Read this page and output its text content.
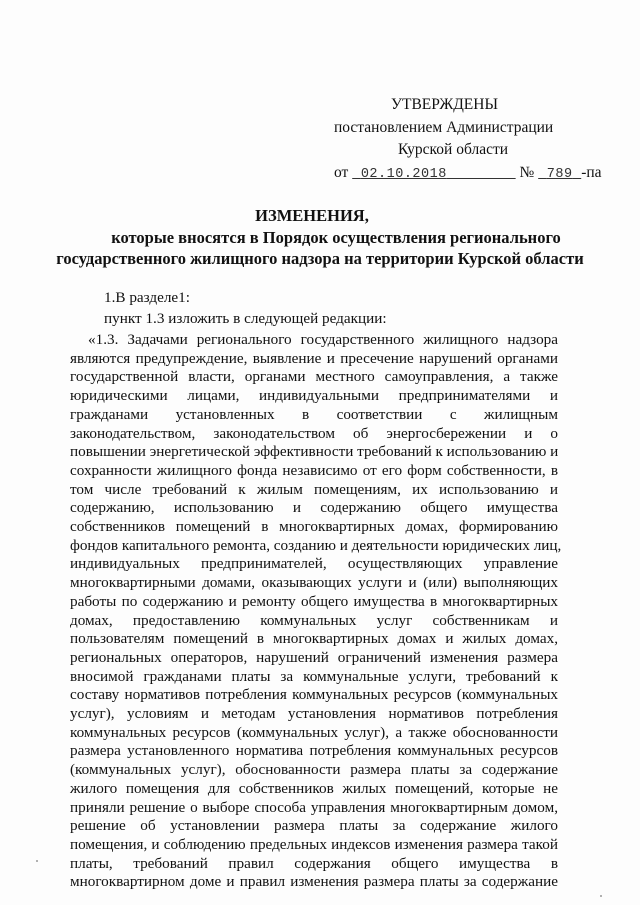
УТВЕРЖДЕНЫ
постановлением Администрации
Курской области
от 02.10.2018	№ 789 -па
ИЗМЕНЕНИЯ,
которые вносятся в Порядок осуществления регионального
государственного жилищного надзора на территории Курской области
1.В разделе1:
пункт 1.3 изложить в следующей редакции:
«1.3. Задачами регионального государственного жилищного надзора
являются предупреждение, выявление и пресечение нарушений органами
государственной власти, органами местного самоуправления, а также
юридическими лицами, индивидуальными предпринимателями и
гражданами установленных в соответствии с жилищным
законодательством, законодательством об энергосбережении и о
повышении энергетической эффективности требований к использованию и
сохранности жилищного фонда независимо от его форм собственности, в
том числе требований к жилым помещениям, их использованию и
содержанию, использованию и содержанию общего имущества
собственников помещений в многоквартирных домах, формированию
фондов капитального ремонта, созданию и деятельности юридических лиц,
индивидуальных предпринимателей, осуществляющих управление
многоквартирными домами, оказывающих услуги и (или) выполняющих
работы по содержанию и ремонту общего имущества в многоквартирных
домах, предоставлению коммунальных услуг собственникам и
пользователям помещений в многоквартирных домах и жилых домах,
региональных операторов, нарушений ограничений изменения размера
вносимой гражданами платы за коммунальные услуги, требований к
составу нормативов потребления коммунальных ресурсов (коммунальных
услуг), условиям и методам установления нормативов потребления
коммунальных ресурсов (коммунальных услуг), а также обоснованности
размера установленного норматива потребления коммунальных ресурсов
(коммунальных услуг), обоснованности размера платы за содержание
жилого помещения для собственников жилых помещений, которые не
приняли решение о выборе способа управления многоквартирным домом,
решение об установлении размера платы за содержание жилого
помещения, и соблюдению предельных индексов изменения размера такой
платы, требований правил содержания общего имущества в
многоквартирном доме и правил изменения размера платы за содержание
